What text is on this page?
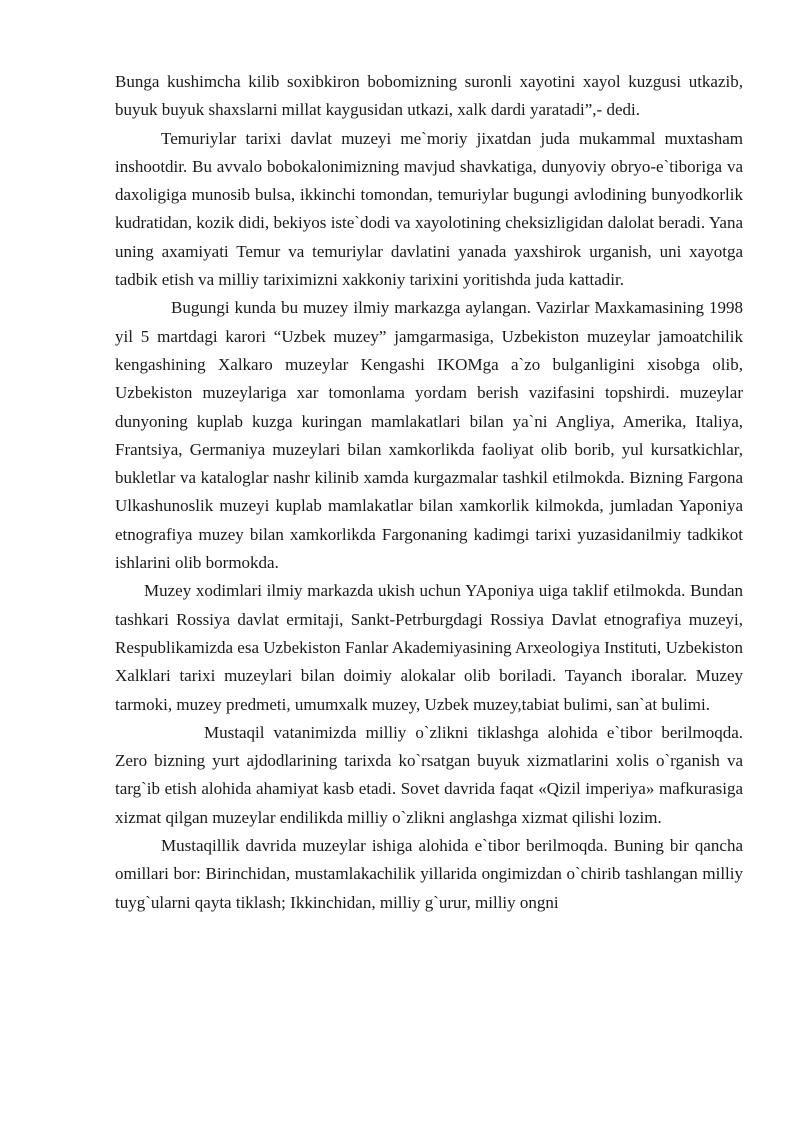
Bunga kushimcha kilib soxibkiron bobomizning suronli xayotini xayol kuzgusi utkazib, buyuk buyuk shaxslarni millat kaygusidan utkazi, xalk dardi yaratadi”,- dedi.

Temuriylar tarixi davlat muzeyi me`moriy jixatdan juda mukammal muxtasham inshootdir. Bu avvalo bobokalonimizning mavjud shavkatiga, dunyoviy obryo-e`tiboriga va daxoligiga munosib bulsa, ikkinchi tomondan, temuriylar bugungi avlodining bunyodkorlik kudratidan, kozik didi, bekiyos iste`dodi va xayolotining cheksizligidan dalolat beradi. Yana uning axamiyati Temur va temuriylar davlatini yanada yaxshirok urganish, uni xayotga tadbik etish va milliy tariximizni xakkoniy tarixini yoritishda juda kattadir.

Bugungi kunda bu muzey ilmiy markazga aylangan. Vazirlar Maxkamasining 1998 yil 5 martdagi karori “Uzbek muzey” jamgarmasiga, Uzbekiston muzeylar jamoatchilik kengashining Xalkaro muzeylar Kengashi IKOMga a`zo bulganligini xisobga olib, Uzbekiston muzeylariga xar tomonlama yordam berish vazifasini topshirdi. muzeylar dunyoning kuplab kuzga kuringan mamlakatlari bilan ya`ni Angliya, Amerika, Italiya, Frantsiya, Germaniya muzeylari bilan xamkorlikda faoliyat olib borib, yul kursatkichlar, bukletlar va kataloglar nashr kilinib xamda kurgazmalar tashkil etilmokda. Bizning Fargona Ulkashunoslik muzeyi kuplab mamlakatlar bilan xamkorlik kilmokda, jumladan Yaponiya etnografiya muzey bilan xamkorlikda Fargonaning kadimgi tarixi yuzasidanilmiy tadkikot ishlarini olib bormokda.

Muzey xodimlari ilmiy markazda ukish uchun YAponiya uiga taklif etilmokda. Bundan tashkari Rossiya davlat ermitaji, Sankt-Petrburgdagi Rossiya Davlat etnografiya muzeyi, Respublikamizda esa Uzbekiston Fanlar Akademiyasining Arxeologiya Instituti, Uzbekiston Xalklari tarixi muzeylari bilan doimiy alokalar olib boriladi. Tayanch iboralar. Muzey tarmoki, muzey predmeti, umumxalk muzey, Uzbek muzey,tabiat bulimi, san`at bulimi.

Mustaqil vatanimizda milliy o`zlikni tiklashga alohida e`tibor berilmoqda. Zero bizning yurt ajdodlarining tarixda ko`rsatgan buyuk xizmatlarini xolis o`rganish va targ`ib etish alohida ahamiyat kasb etadi. Sovet davrida faqat «Qizil imperiya» mafkurasiga xizmat qilgan muzeylar endilikda milliy o`zlikni anglashga xizmat qilishi lozim.

Mustaqillik davrida muzeylar ishiga alohida e`tibor berilmoqda. Buning bir qancha omillari bor: Birinchidan, mustamlakachilik yillarida ongimizdan o`chirib tashlangan milliy tuyg`ularni qayta tiklash; Ikkinchidan, milliy g`urur, milliy ongni
